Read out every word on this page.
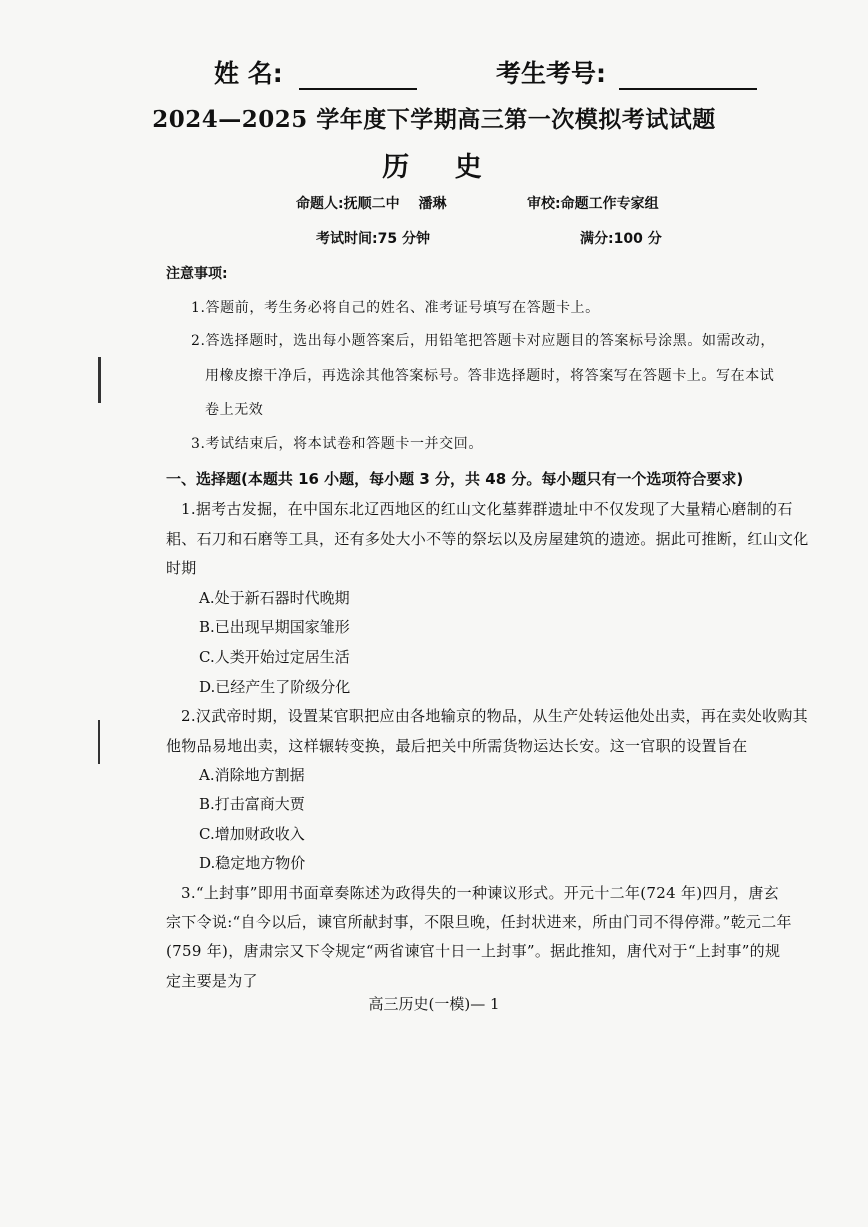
姓 名:	考生考号:
2024—2025 学年度下学期高三第一次模拟考试试题
历 史
命题人:抚顺二中　 潘琳	审校:命题工作专家组
考试时间:75 分钟	满分:100 分
注意事项:
1.答题前，考生务必将自己的姓名、准考证号填写在答题卡上。
2.答选择题时，选出每小题答案后，用铅笔把答题卡对应题目的答案标号涂黑。如需改动，
用橡皮擦干净后，再选涂其他答案标号。答非选择题时，将答案写在答题卡上。写在本试
卷上无效
3.考试结束后，将本试卷和答题卡一并交回。
一、选择题(本题共 16 小题，每小题 3 分，共 48 分。每小题只有一个选项符合要求)
1.据考古发掘，在中国东北辽西地区的红山文化墓葬群遗址中不仅发现了大量精心磨制的石
耜、石刀和石磨等工具，还有多处大小不等的祭坛以及房屋建筑的遗迹。据此可推断，红山文化
时期
A.处于新石器时代晚期
B.已出现早期国家雏形
C.人类开始过定居生活
D.已经产生了阶级分化
2.汉武帝时期，设置某官职把应由各地输京的物品，从生产处转运他处出卖，再在卖处收购其
他物品易地出卖，这样辗转变换，最后把关中所需货物运达长安。这一官职的设置旨在
A.消除地方割据
B.打击富商大贾
C.增加财政收入
D.稳定地方物价
3.“上封事”即用书面章奏陈述为政得失的一种谏议形式。开元十二年(724 年)四月，唐玄
宗下令说:“自今以后，谏官所献封事，不限旦晚，任封状进来，所由门司不得停滞。”乾元二年
(759 年)，唐肃宗又下令规定“两省谏官十日一上封事”。据此推知，唐代对于“上封事”的规
定主要是为了
高三历史(一模)— 1
